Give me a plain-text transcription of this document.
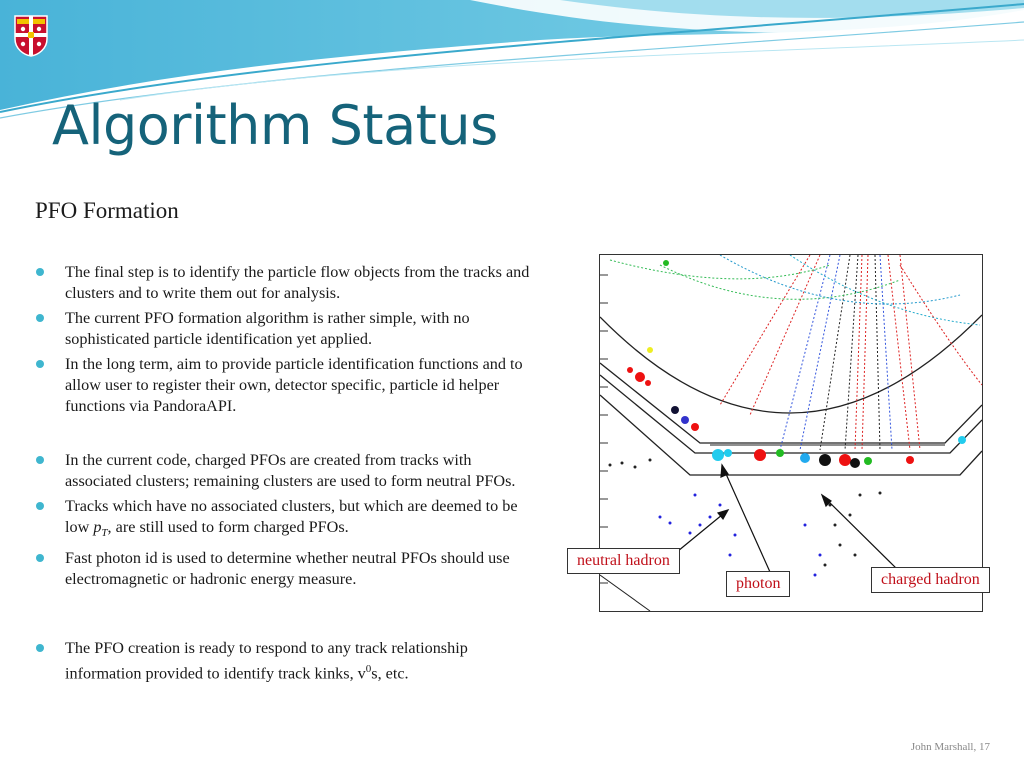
Algorithm Status
PFO Formation
The final step is to identify the particle flow objects from the tracks and clusters and to write them out for analysis.
The current PFO formation algorithm is rather simple, with no sophisticated particle identification yet applied.
In the long term, aim to provide particle identification functions and to allow user to register their own, detector specific, particle id helper functions via PandoraAPI.
In the current code, charged PFOs are created from tracks with associated clusters; remaining clusters are used to form neutral PFOs.
Tracks which have no associated clusters, but which are deemed to be low $p_T$, are still used to form charged PFOs.
Fast photon id is used to determine whether neutral PFOs should use electromagnetic or hadronic energy measure.
The PFO creation is ready to respond to any track relationship information provided to identify track kinks, $v^0s$, etc.
neutral hadron
photon	charged hadron
John Marshall, 17
